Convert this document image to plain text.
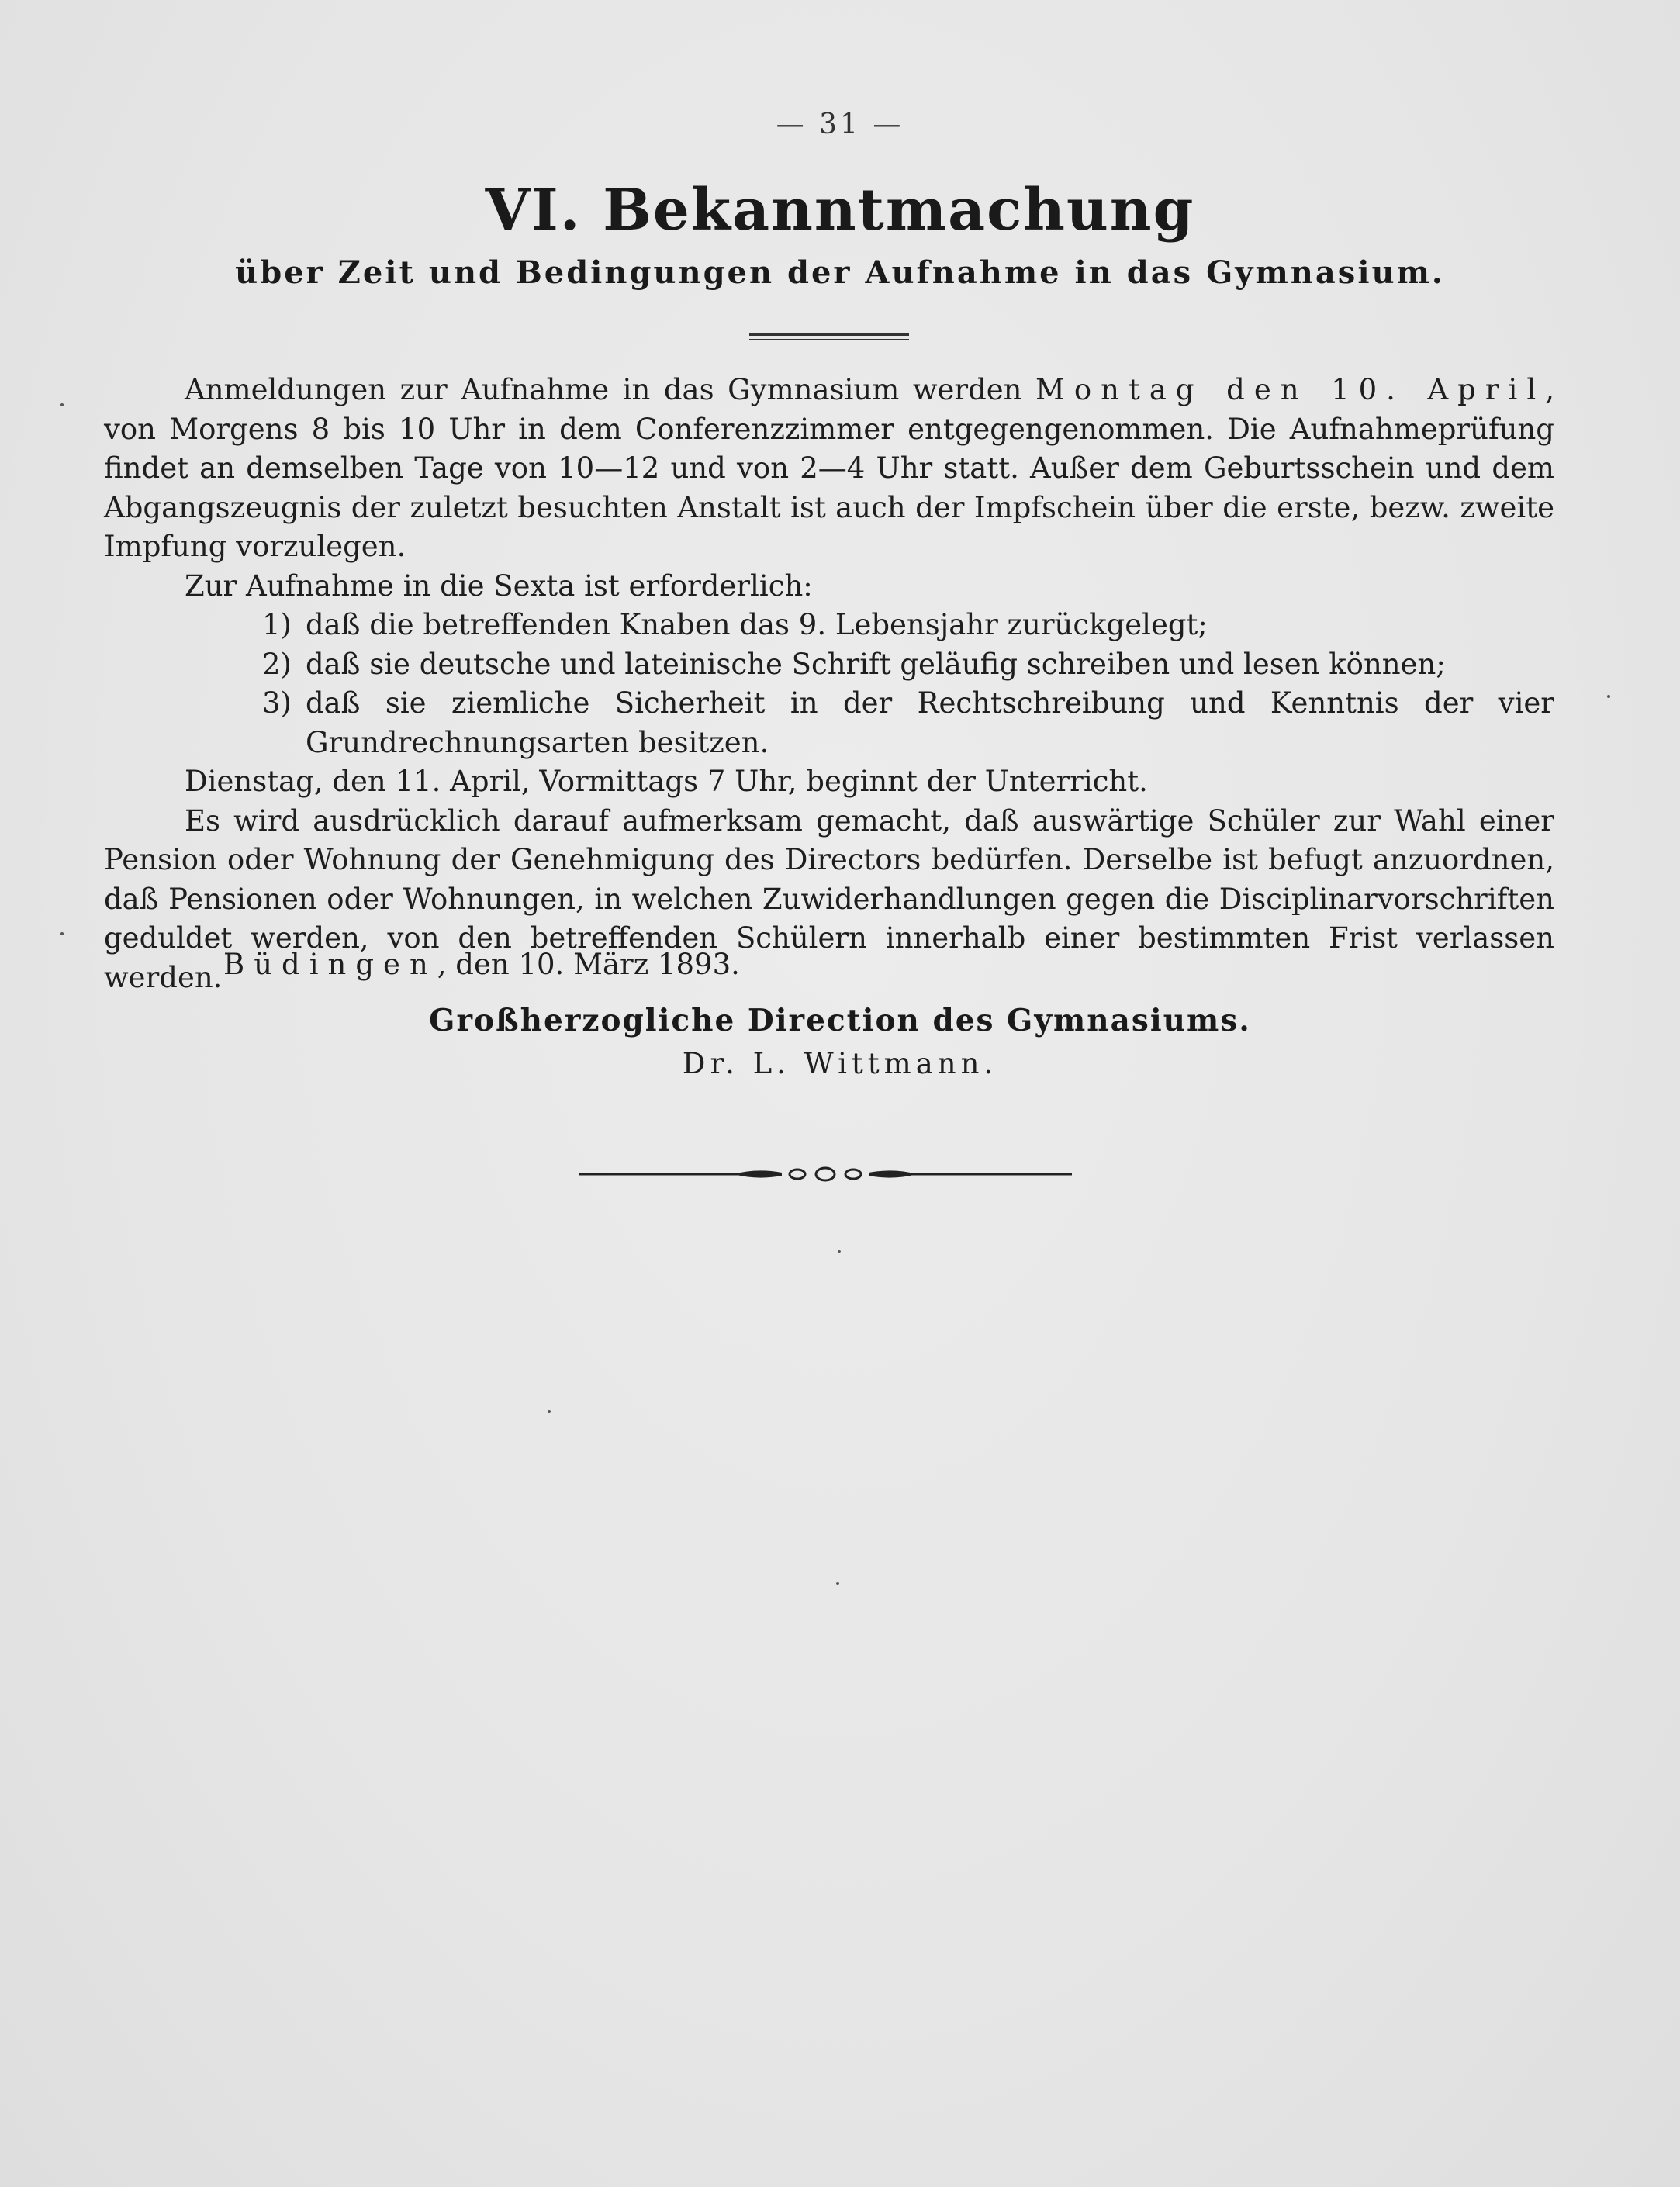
— 31 —
VI. Bekanntmachung
über Zeit und Bedingungen der Aufnahme in das Gymnasium.

Anmeldungen zur Aufnahme in das Gymnasium werden Montag den 10. April, von Morgens 8 bis 10 Uhr in dem Conferenzzimmer entgegengenommen. Die Aufnahmeprüfung findet an demselben Tage von 10—12 und von 2—4 Uhr statt. Außer dem Geburtsschein und dem Abgangszeugnis der zuletzt besuchten Anstalt ist auch der Impfschein über die erste, bezw. zweite Impfung vorzulegen.

Zur Aufnahme in die Sexta ist erforderlich:

1) daß die betreffenden Knaben das 9. Lebensjahr zurückgelegt;
2) daß sie deutsche und lateinische Schrift geläufig schreiben und lesen können;
3) daß sie ziemliche Sicherheit in der Rechtschreibung und Kenntnis der vier Grundrechnungsarten besitzen.

Dienstag, den 11. April, Vormittags 7 Uhr, beginnt der Unterricht.

Es wird ausdrücklich darauf aufmerksam gemacht, daß auswärtige Schüler zur Wahl einer Pension oder Wohnung der Genehmigung des Directors bedürfen. Derselbe ist befugt anzuordnen, daß Pensionen oder Wohnungen, in welchen Zuwiderhandlungen gegen die Disciplinarvorschriften geduldet werden, von den betreffenden Schülern innerhalb einer bestimmten Frist verlassen werden. Büdingen, den 10. März 1893.
Großherzogliche Direction des Gymnasiums.
Dr. L. Wittmann.
